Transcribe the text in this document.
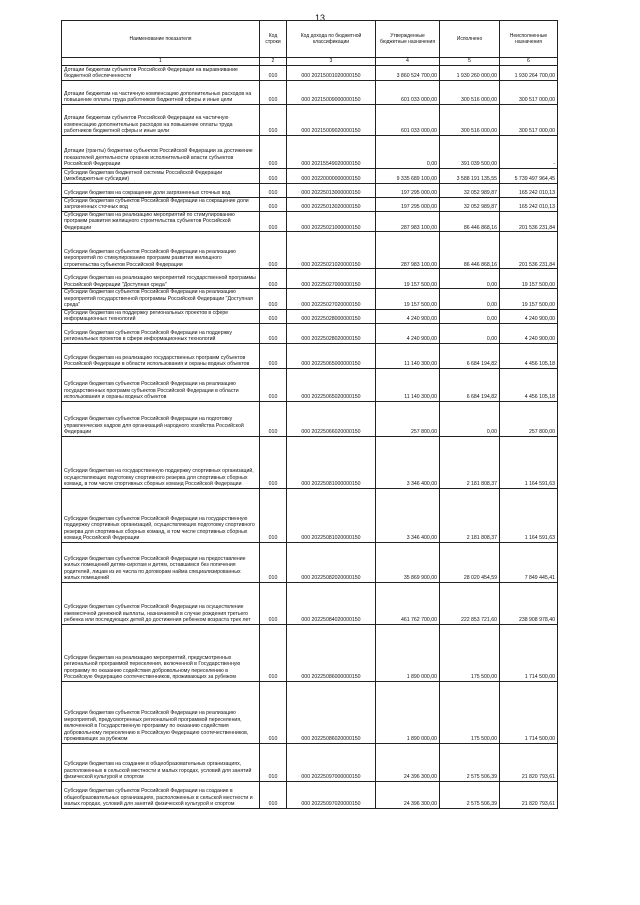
13
Наименование показателя	Код строки	Код дохода по бюджетной классификации	Утвержденные бюджетные назначения	Исполнено	Неисполненные назначения
1	2	3	4	5	6
Дотации бюджетам субъектов Российской Федерации на выравнивание бюджетной обеспеченности	010	000 20215001020000150	3 860 524 700,00	1 930 260 000,00	1 930 264 700,00
Дотации бюджетам на частичную компенсацию дополнительных расходов на повышение оплаты труда работников бюджетной сферы и иные цели	010	000 20215009000000150	601 033 000,00	300 516 000,00	300 517 000,00
Дотации бюджетам субъектов Российской Федерации на частичную компенсацию дополнительных расходов на повышение оплаты труда работников бюджетной сферы и иные цели	010	000 20215009020000150	601 033 000,00	300 516 000,00	300 517 000,00
Дотации (гранты) бюджетам субъектов Российской Федерации за достижение показателей деятельности органов исполнительной власти субъектов Российской Федерации	010	000 20215549020000150	0,00	391 039 500,00	-
Субсидии бюджетам бюджетной системы Российской Федерации (межбюджетные субсидии)	010	000 20220000000000150	9 335 689 100,00	3 588 191 135,55	5 739 497 964,45
Субсидии бюджетам на сокращение доли загрязненных сточных вод	010	000 20225013000000150	197 295 000,00	32 052 989,87	165 242 010,13
Субсидии бюджетам субъектов Российской Федерации на сокращение доли загрязненных сточных вод	010	000 20225013020000150	197 295 000,00	32 052 989,87	165 242 010,13
Субсидии бюджетам на реализацию мероприятий по стимулированию программ развития жилищного строительства субъектов Российской Федерации	010	000 20225021000000150	287 983 100,00	86 446 868,16	201 536 231,84
Субсидии бюджетам субъектов Российской Федерации на реализацию мероприятий по стимулированию программ развития жилищного строительства субъектов Российской Федерации	010	000 20225021020000150	287 983 100,00	86 446 868,16	201 536 231,84
Субсидии бюджетам на реализацию мероприятий государственной программы Российской Федерации "Доступная среда"	010	000 20225027000000150	19 157 500,00	0,00	19 157 500,00
Субсидии бюджетам субъектов Российской Федерации на реализацию мероприятий государственной программы Российской Федерации "Доступная среда"	010	000 20225027020000150	19 157 500,00	0,00	19 157 500,00
Субсидии бюджетам на поддержку региональных проектов в сфере информационных технологий	010	000 20225028000000150	4 240 900,00	0,00	4 240 900,00
Субсидии бюджетам субъектов Российской Федерации на поддержку региональных проектов в сфере информационных технологий	010	000 20225028020000150	4 240 900,00	0,00	4 240 900,00
Субсидии бюджетам на реализацию государственных программ субъектов Российской Федерации в области использования и охраны водных объектов	010	000 20225065000000150	11 140 300,00	6 684 194,82	4 456 105,18
Субсидии бюджетам субъектов Российской Федерации на реализацию государственных программ субъектов Российской Федерации в области использования и охраны водных объектов	010	000 20225065020000150	11 140 300,00	6 684 194,82	4 456 105,18
Субсидии бюджетам субъектов Российской Федерации на подготовку управленческих кадров для организаций народного хозяйства Российской Федерации	010	000 20225066020000150	257 800,00	0,00	257 800,00
Субсидии бюджетам на государственную поддержку спортивных организаций, осуществляющих подготовку спортивного резерва для спортивных сборных команд, в том числе спортивных сборных команд Российской Федерации	010	000 20225081000000150	3 346 400,00	2 181 808,37	1 164 591,63
Субсидии бюджетам субъектов Российской Федерации на государственную поддержку спортивных организаций, осуществляющих подготовку спортивного резерва для спортивных сборных команд, в том числе спортивных сборных команд Российской Федерации	010	000 20225081020000150	3 346 400,00	2 181 808,37	1 164 591,63
Субсидии бюджетам субъектов Российской Федерации на предоставление жилых помещений детям-сиротам и детям, оставшимся без попечения родителей, лицам из их числа по договорам найма специализированных жилых помещений	010	000 20225082020000150	35 869 900,00	28 020 454,59	7 849 445,41
Субсидии бюджетам субъектов Российской Федерации на осуществление ежемесячной денежной выплаты, назначаемой в случае рождения третьего ребенка или последующих детей до достижения ребенком возраста трех лет	010	000 20225084020000150	461 762 700,00	222 853 721,60	238 908 978,40
Субсидии бюджетам на реализацию мероприятий, предусмотренных региональной программой переселения, включенной в Государственную программу по оказанию содействия добровольному переселению в Российскую Федерацию соотечественников, проживающих за рубежом	010	000 20225086000000150	1 890 000,00	175 500,00	1 714 500,00
Субсидии бюджетам субъектов Российской Федерации на реализацию мероприятий, предусмотренных региональной программой переселения, включенной в Государственную программу по оказанию содействия добровольному переселению в Российскую Федерацию соотечественников, проживающих за рубежом	010	000 20225086020000150	1 890 000,00	175 500,00	1 714 500,00
Субсидии бюджетам на создание в общеобразовательных организациях, расположенных в сельской местности и малых городах, условий для занятий физической культурой и спортом	010	000 20225097000000150	24 396 300,00	2 575 506,39	21 820 793,61
Субсидии бюджетам субъектов Российской Федерации на создание в общеобразовательных организациях, расположенных в сельской местности и малых городах, условий для занятий физической культурой и спортом	010	000 20225097020000150	24 396 300,00	2 575 506,39	21 820 793,61
